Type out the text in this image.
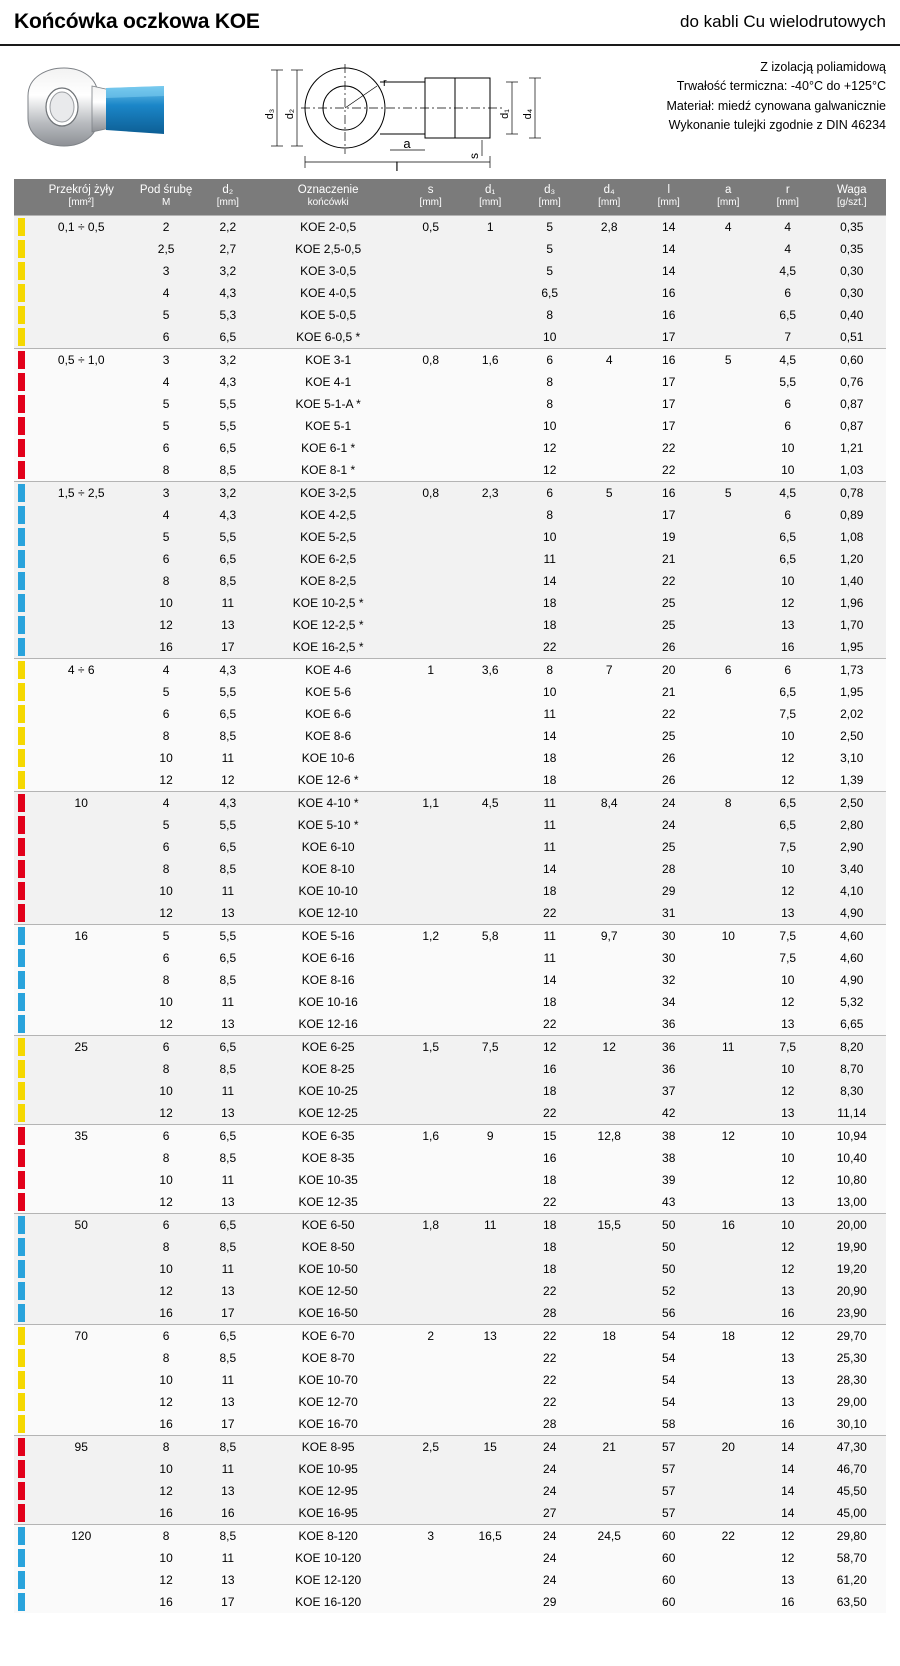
Końcówka oczkowa KOE	do kabli Cu wielodrutowych
d₃ d₂
r
d₁ d₄
a
s
l
Z izolacją poliamidową
Trwałość termiczna: -40°C do +125°C
Materiał: miedź cynowana galwanicznie
Wykonanie tulejki zgodnie z DIN 46234
	Przekrój żyły
[mm²]	Pod śrubę
M	d₂
[mm]	Oznaczenie
końcówki	s
[mm]	d₁
[mm]	d₃
[mm]	d₄
[mm]	l
[mm]	a
[mm]	r
[mm]	Waga
[g/szt.]

	0,1 ÷ 0,5	2	2,2	KOE 2-0,5	0,5	1	5	2,8	14	4	4	0,35

		2,5	2,7	KOE 2,5-0,5			5		14		4	0,35

		3	3,2	KOE 3-0,5			5		14		4,5	0,30

		4	4,3	KOE 4-0,5			6,5		16		6	0,30

		5	5,3	KOE 5-0,5			8		16		6,5	0,40

		6	6,5	KOE 6-0,5 *			10		17		7	0,51

	0,5 ÷ 1,0	3	3,2	KOE 3-1	0,8	1,6	6	4	16	5	4,5	0,60

		4	4,3	KOE 4-1			8		17		5,5	0,76

		5	5,5	KOE 5-1-A *			8		17		6	0,87

		5	5,5	KOE 5-1			10		17		6	0,87

		6	6,5	KOE 6-1 *			12		22		10	1,21

		8	8,5	KOE 8-1 *			12		22		10	1,03

	1,5 ÷ 2,5	3	3,2	KOE 3-2,5	0,8	2,3	6	5	16	5	4,5	0,78

		4	4,3	KOE 4-2,5			8		17		6	0,89

		5	5,5	KOE 5-2,5			10		19		6,5	1,08

		6	6,5	KOE 6-2,5			11		21		6,5	1,20

		8	8,5	KOE 8-2,5			14		22		10	1,40

		10	11	KOE 10-2,5 *			18		25		12	1,96

		12	13	KOE 12-2,5 *			18		25		13	1,70

		16	17	KOE 16-2,5 *			22		26		16	1,95

	4 ÷ 6	4	4,3	KOE 4-6	1	3,6	8	7	20	6	6	1,73

		5	5,5	KOE 5-6			10		21		6,5	1,95

		6	6,5	KOE 6-6			11		22		7,5	2,02

		8	8,5	KOE 8-6			14		25		10	2,50

		10	11	KOE 10-6			18		26		12	3,10

		12	12	KOE 12-6 *			18		26		12	1,39

	10	4	4,3	KOE 4-10 *	1,1	4,5	11	8,4	24	8	6,5	2,50

		5	5,5	KOE 5-10 *			11		24		6,5	2,80

		6	6,5	KOE 6-10			11		25		7,5	2,90

		8	8,5	KOE 8-10			14		28		10	3,40

		10	11	KOE 10-10			18		29		12	4,10

		12	13	KOE 12-10			22		31		13	4,90

	16	5	5,5	KOE 5-16	1,2	5,8	11	9,7	30	10	7,5	4,60

		6	6,5	KOE 6-16			11		30		7,5	4,60

		8	8,5	KOE 8-16			14		32		10	4,90

		10	11	KOE 10-16			18		34		12	5,32

		12	13	KOE 12-16			22		36		13	6,65

	25	6	6,5	KOE 6-25	1,5	7,5	12	12	36	11	7,5	8,20

		8	8,5	KOE 8-25			16		36		10	8,70

		10	11	KOE 10-25			18		37		12	8,30

		12	13	KOE 12-25			22		42		13	11,14

	35	6	6,5	KOE 6-35	1,6	9	15	12,8	38	12	10	10,94

		8	8,5	KOE 8-35			16		38		10	10,40

		10	11	KOE 10-35			18		39		12	10,80

		12	13	KOE 12-35			22		43		13	13,00

	50	6	6,5	KOE 6-50	1,8	11	18	15,5	50	16	10	20,00

		8	8,5	KOE 8-50			18		50		12	19,90

		10	11	KOE 10-50			18		50		12	19,20

		12	13	KOE 12-50			22		52		13	20,90

		16	17	KOE 16-50			28		56		16	23,90

	70	6	6,5	KOE 6-70	2	13	22	18	54	18	12	29,70

		8	8,5	KOE 8-70			22		54		13	25,30

		10	11	KOE 10-70			22		54		13	28,30

		12	13	KOE 12-70			22		54		13	29,00

		16	17	KOE 16-70			28		58		16	30,10

	95	8	8,5	KOE 8-95	2,5	15	24	21	57	20	14	47,30

		10	11	KOE 10-95			24		57		14	46,70

		12	13	KOE 12-95			24		57		14	45,50

		16	16	KOE 16-95			27		57		14	45,00

	120	8	8,5	KOE 8-120	3	16,5	24	24,5	60	22	12	29,80

		10	11	KOE 10-120			24		60		12	58,70

		12	13	KOE 12-120			24		60		13	61,20

		16	17	KOE 16-120			29		60		16	63,50
